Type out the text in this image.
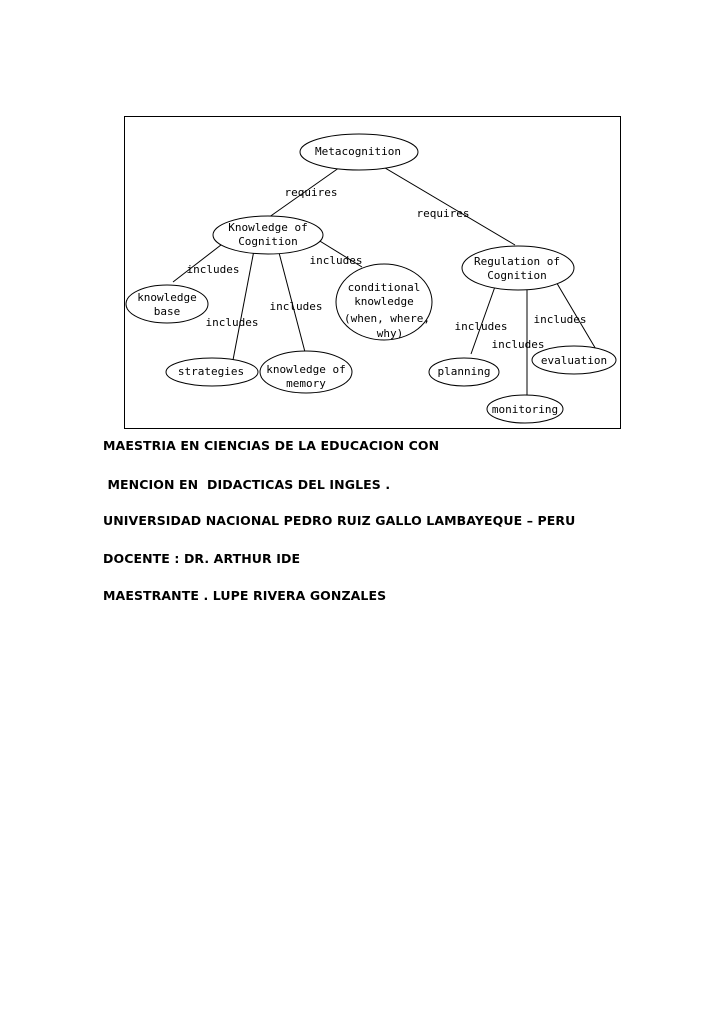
requires
requires
includes
includes
includes
includes
includes
includes
includes
Metacognition
Knowledge of
Cognition
Regulation of
Cognition
knowledge
base
conditional
knowledge
(when, where,
why)
strategies knowledge of
memory
planning
evaluation
monitoring
MAESTRIA EN CIENCIAS DE LA EDUCACION CON
MENCION EN  DIDACTICAS DEL INGLES .
UNIVERSIDAD NACIONAL PEDRO RUIZ GALLO LAMBAYEQUE – PERU
DOCENTE : DR. ARTHUR IDE
MAESTRANTE . LUPE RIVERA GONZALES
